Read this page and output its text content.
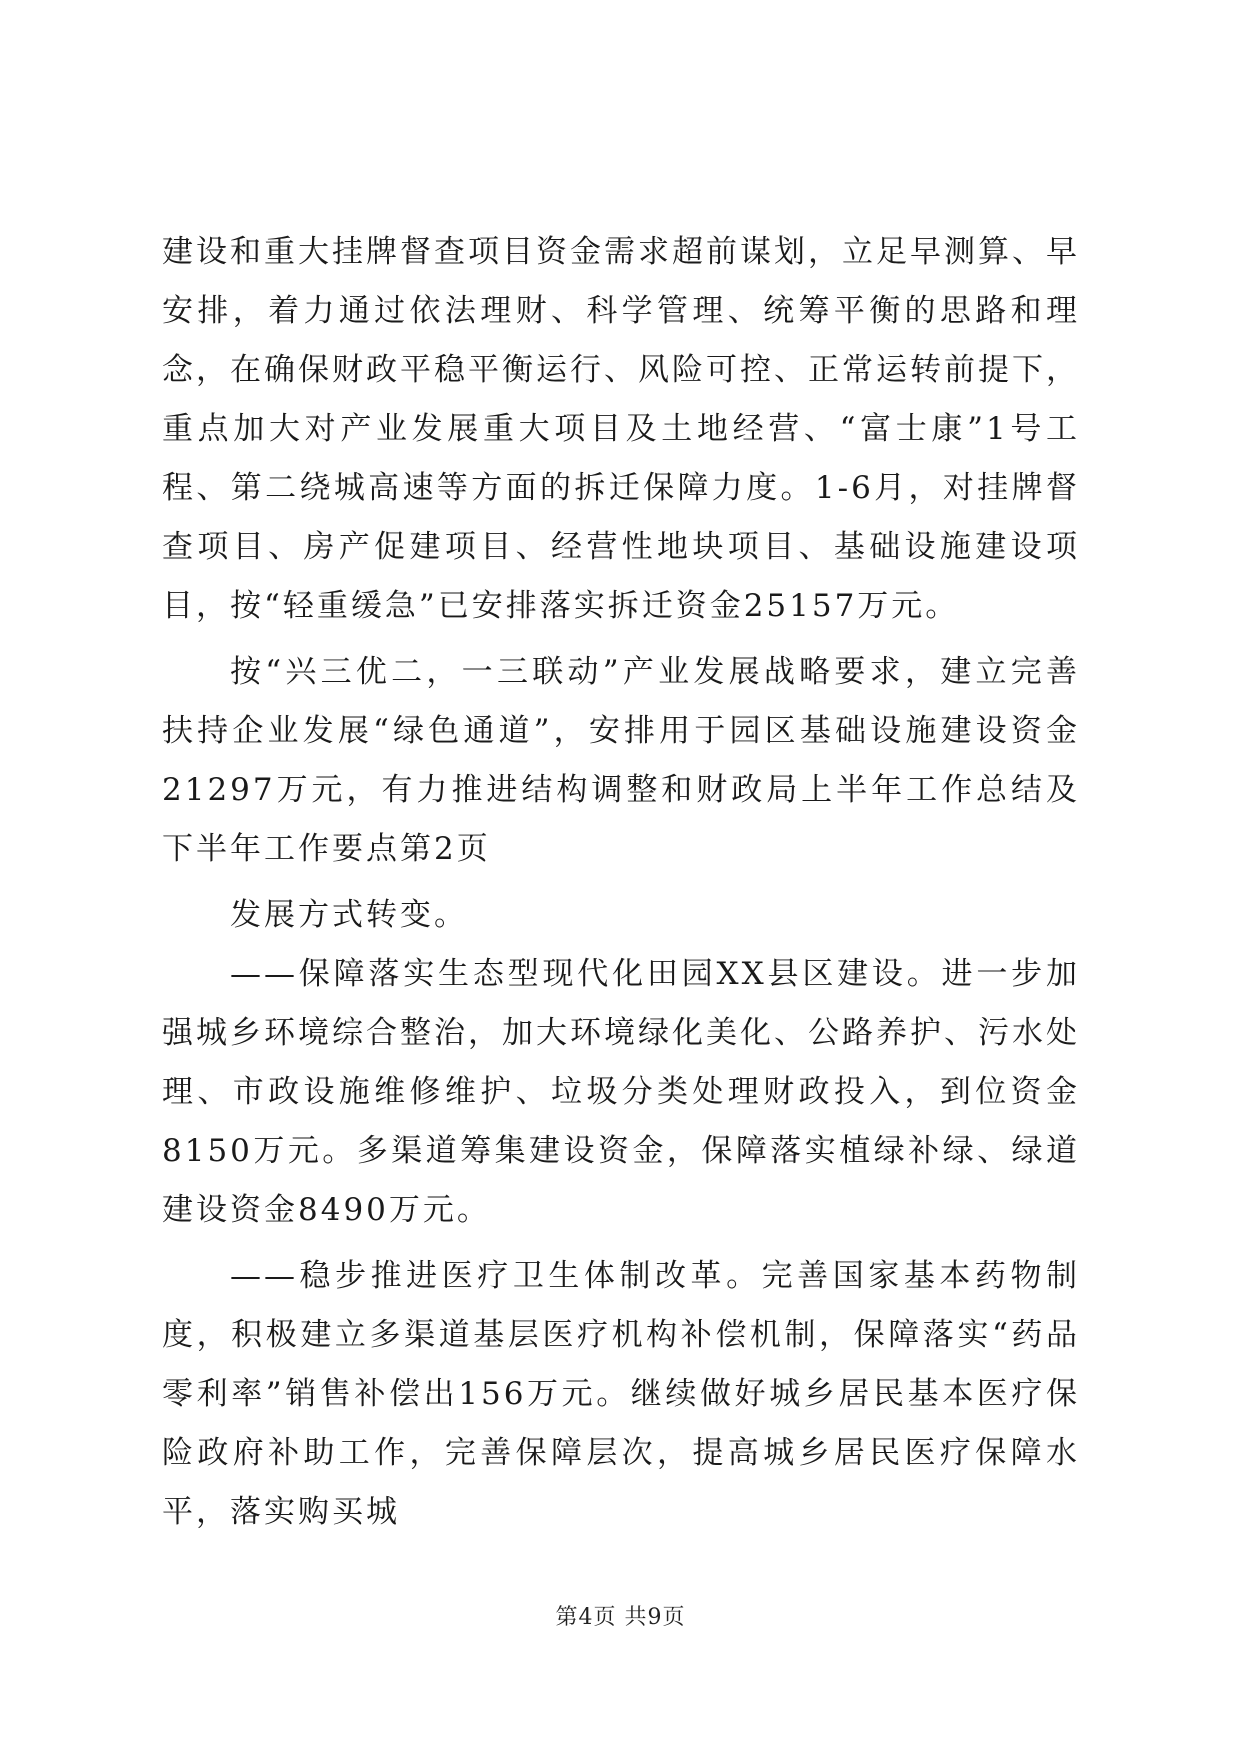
建设和重大挂牌督查项目资金需求超前谋划，立足早测算、早安排，着力通过依法理财、科学管理、统筹平衡的思路和理念，在确保财政平稳平衡运行、风险可控、正常运转前提下，重点加大对产业发展重大项目及土地经营、“富士康”1号工程、第二绕城高速等方面的拆迁保障力度。1-6月，对挂牌督查项目、房产促建项目、经营性地块项目、基础设施建设项目，按“轻重缓急”已安排落实拆迁资金25157万元。

按“兴三优二，一三联动”产业发展战略要求，建立完善扶持企业发展“绿色通道”，安排用于园区基础设施建设资金21297万元，有力推进结构调整和财政局上半年工作总结及下半年工作要点第2页

发展方式转变。

——保障落实生态型现代化田园XX县区建设。进一步加强城乡环境综合整治，加大环境绿化美化、公路养护、污水处理、市政设施维修维护、垃圾分类处理财政投入，到位资金8150万元。多渠道筹集建设资金，保障落实植绿补绿、绿道建设资金8490万元。

——稳步推进医疗卫生体制改革。完善国家基本药物制度，积极建立多渠道基层医疗机构补偿机制，保障落实“药品零利率”销售补偿出156万元。继续做好城乡居民基本医疗保险政府补助工作，完善保障层次，提高城乡居民医疗保障水平，落实购买城

第4页 共9页
